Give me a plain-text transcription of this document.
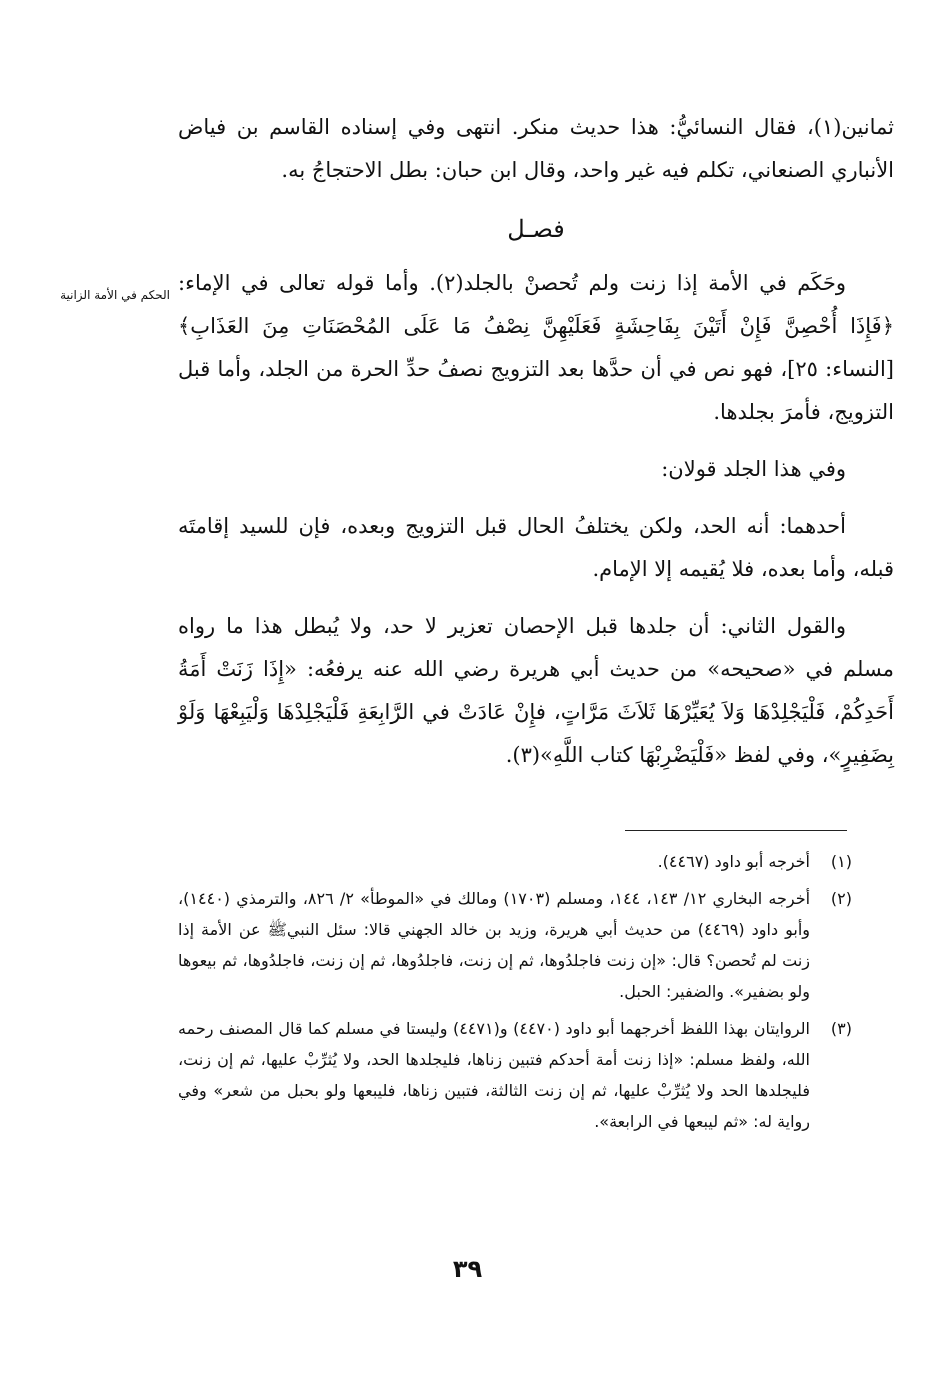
ثمانين(١)، فقال النسائيُّ: هذا حديث منكر. انتهى وفي إسناده القاسم بن فياض الأنباري الصنعاني، تكلم فيه غير واحد، وقال ابن حبان: بطل الاحتجاجُ به.

فصـل

وحَكَم في الأمة إذا زنت ولم تُحصنْ بالجلد(٢). وأما قوله تعالى في الإماء: ﴿فَإِذَا أُحْصِنَّ فَإِنْ أَتَيْنَ بِفَاحِشَةٍ فَعَلَيْهِنَّ نِصْفُ مَا عَلَى المُحْصَنَاتِ مِنَ العَذَابِ﴾ [النساء: ٢٥]، فهو نص في أن حدَّها بعد التزويج نصفُ حدِّ الحرة من الجلد، وأما قبل التزويج، فأمرَ بجلدها.

وفي هذا الجلد قولان:

أحدهما: أنه الحد، ولكن يختلفُ الحال قبل التزويج وبعده، فإن للسيد إقامتَه قبله، وأما بعده، فلا يُقيمه إلا الإمام.

والقول الثاني: أن جلدها قبل الإحصان تعزير لا حد، ولا يُبطل هذا ما رواه مسلم في «صحيحه» من حديث أبي هريرة رضي الله عنه يرفعُه: «إِذَا زَنَتْ أَمَةُ أَحَدِكُمْ، فَلْيَجْلِدْهَا وَلاَ يُعَيِّرْهَا ثَلاَثَ مَرَّاتٍ، فإِنْ عَادَتْ في الرَّابِعَةِ فَلْيَجْلِدْهَا وَلْيَبِعْهَا وَلَوْ بِضَفِيرٍ»، وفي لفظ «فَلْيَضْرِبْهَا كتاب اللَّهِ»(٣).

الحكم في الأمة الزانية
(١)
أخرجه أبو داود (٤٤٦٧).
(٢)
أخرجه البخاري ١٢/ ١٤٣، ١٤٤، ومسلم (١٧٠٣) ومالك في «الموطأ» ٢/ ٨٢٦، والترمذي (١٤٤٠)، وأبو داود (٤٤٦٩) من حديث أبي هريرة، وزيد بن خالد الجهني قالا: سئل النبيﷺ عن الأمة إذا زنت لم تُحصن؟ قال: «إن زنت فاجلدُوها، ثم إن زنت، فاجلدُوها، ثم إن زنت، فاجلدُوها، ثم بيعوها ولو بضفير». والضفير: الحبل.
(٣)
الروايتان بهذا اللفظ أخرجهما أبو داود (٤٤٧٠) و(٤٤٧١) وليستا في مسلم كما قال المصنف رحمه الله، ولفظ مسلم: «إذا زنت أمة أحدكم فتبين زناها، فليجلدها الحد، ولا يُثرِّبْ عليها، ثم إن زنت، فليجلدها الحد ولا يُثرِّبْ عليها، ثم إن زنت الثالثة، فتبين زناها، فليبعها ولو بحبل من شعر» وفي رواية له: «ثم ليبعها في الرابعة».
٣٩
